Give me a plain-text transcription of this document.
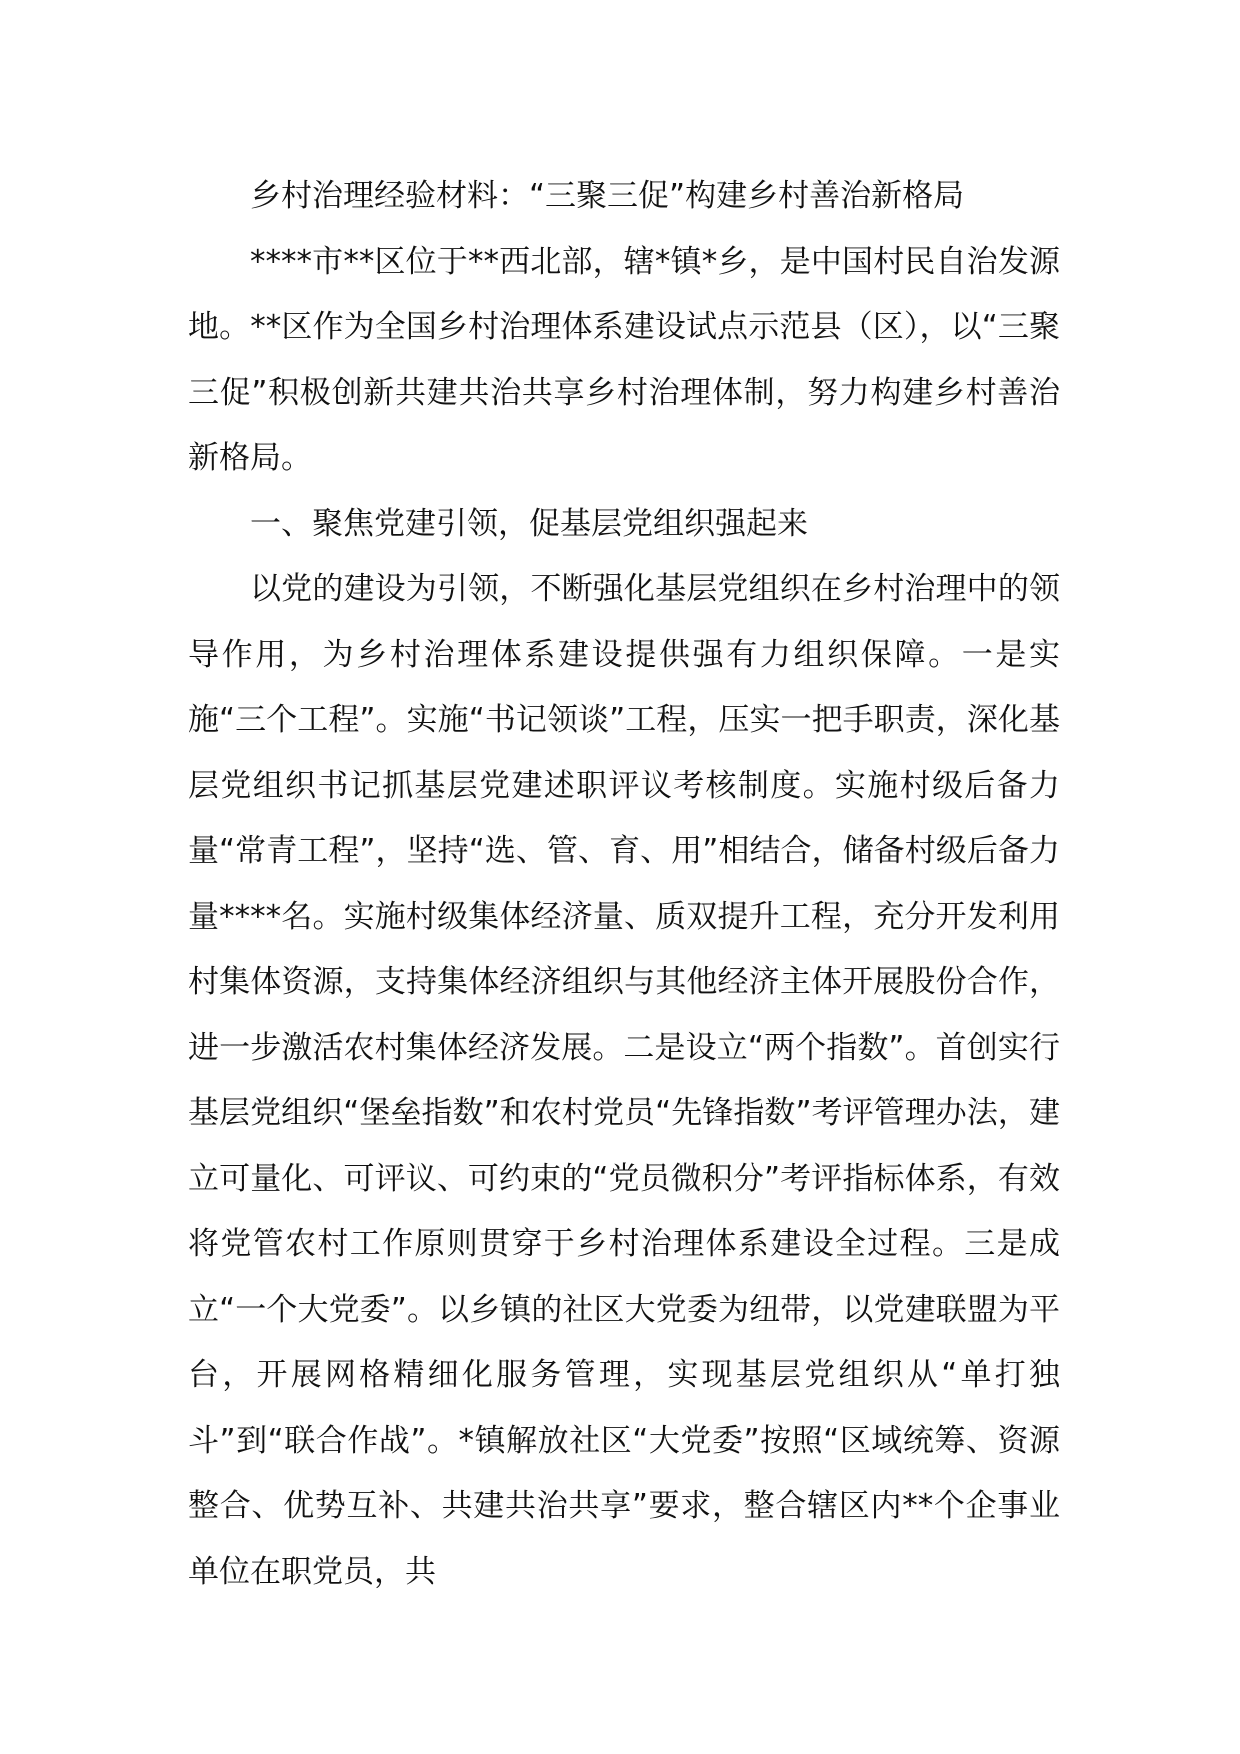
乡村治理经验材料：“三聚三促”构建乡村善治新格局

****市**区位于**西北部，辖*镇*乡，是中国村民自治发源地。**区作为全国乡村治理体系建设试点示范县（区），以“三聚三促”积极创新共建共治共享乡村治理体制，努力构建乡村善治新格局。

一、聚焦党建引领，促基层党组织强起来

以党的建设为引领，不断强化基层党组织在乡村治理中的领导作用，为乡村治理体系建设提供强有力组织保障。一是实施“三个工程”。实施“书记领谈”工程，压实一把手职责，深化基层党组织书记抓基层党建述职评议考核制度。实施村级后备力量“常青工程”，坚持“选、管、育、用”相结合，储备村级后备力量****名。实施村级集体经济量、质双提升工程，充分开发利用村集体资源，支持集体经济组织与其他经济主体开展股份合作，进一步激活农村集体经济发展。二是设立“两个指数”。首创实行基层党组织“堡垒指数”和农村党员“先锋指数”考评管理办法，建立可量化、可评议、可约束的“党员微积分”考评指标体系，有效将党管农村工作原则贯穿于乡村治理体系建设全过程。三是成立“一个大党委”。以乡镇的社区大党委为纽带，以党建联盟为平台，开展网格精细化服务管理，实现基层党组织从“单打独斗”到“联合作战”。*镇解放社区“大党委”按照“区域统筹、资源整合、优势互补、共建共治共享”要求，整合辖区内**个企事业单位在职党员，共
